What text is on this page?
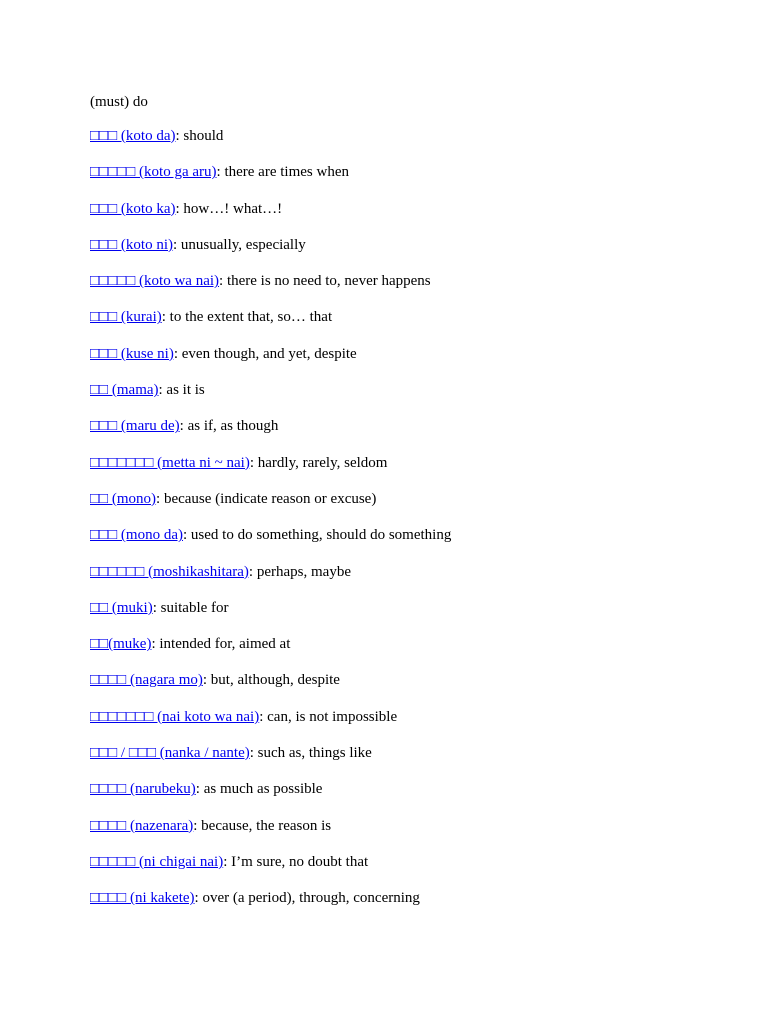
(must) do
□□□ (koto da): should
□□□□□ (koto ga aru): there are times when
□□□ (koto ka): how…! what…!
□□□ (koto ni): unusually, especially
□□□□□ (koto wa nai): there is no need to, never happens
□□□ (kurai): to the extent that, so… that
□□□ (kuse ni): even though, and yet, despite
□□ (mama): as it is
□□□ (maru de): as if, as though
□□□□□□□ (metta ni ~ nai): hardly, rarely, seldom
□□ (mono): because (indicate reason or excuse)
□□□ (mono da): used to do something, should do something
□□□□□□ (moshikashitara): perhaps, maybe
□□ (muki): suitable for
□□(muke): intended for, aimed at
□□□□ (nagara mo): but, although, despite
□□□□□□□ (nai koto wa nai): can, is not impossible
□□□ / □□□ (nanka / nante): such as, things like
□□□□ (narubeku): as much as possible
□□□□ (nazenara): because, the reason is
□□□□□ (ni chigai nai): I’m sure, no doubt that
□□□□ (ni kakete): over (a period), through, concerning
